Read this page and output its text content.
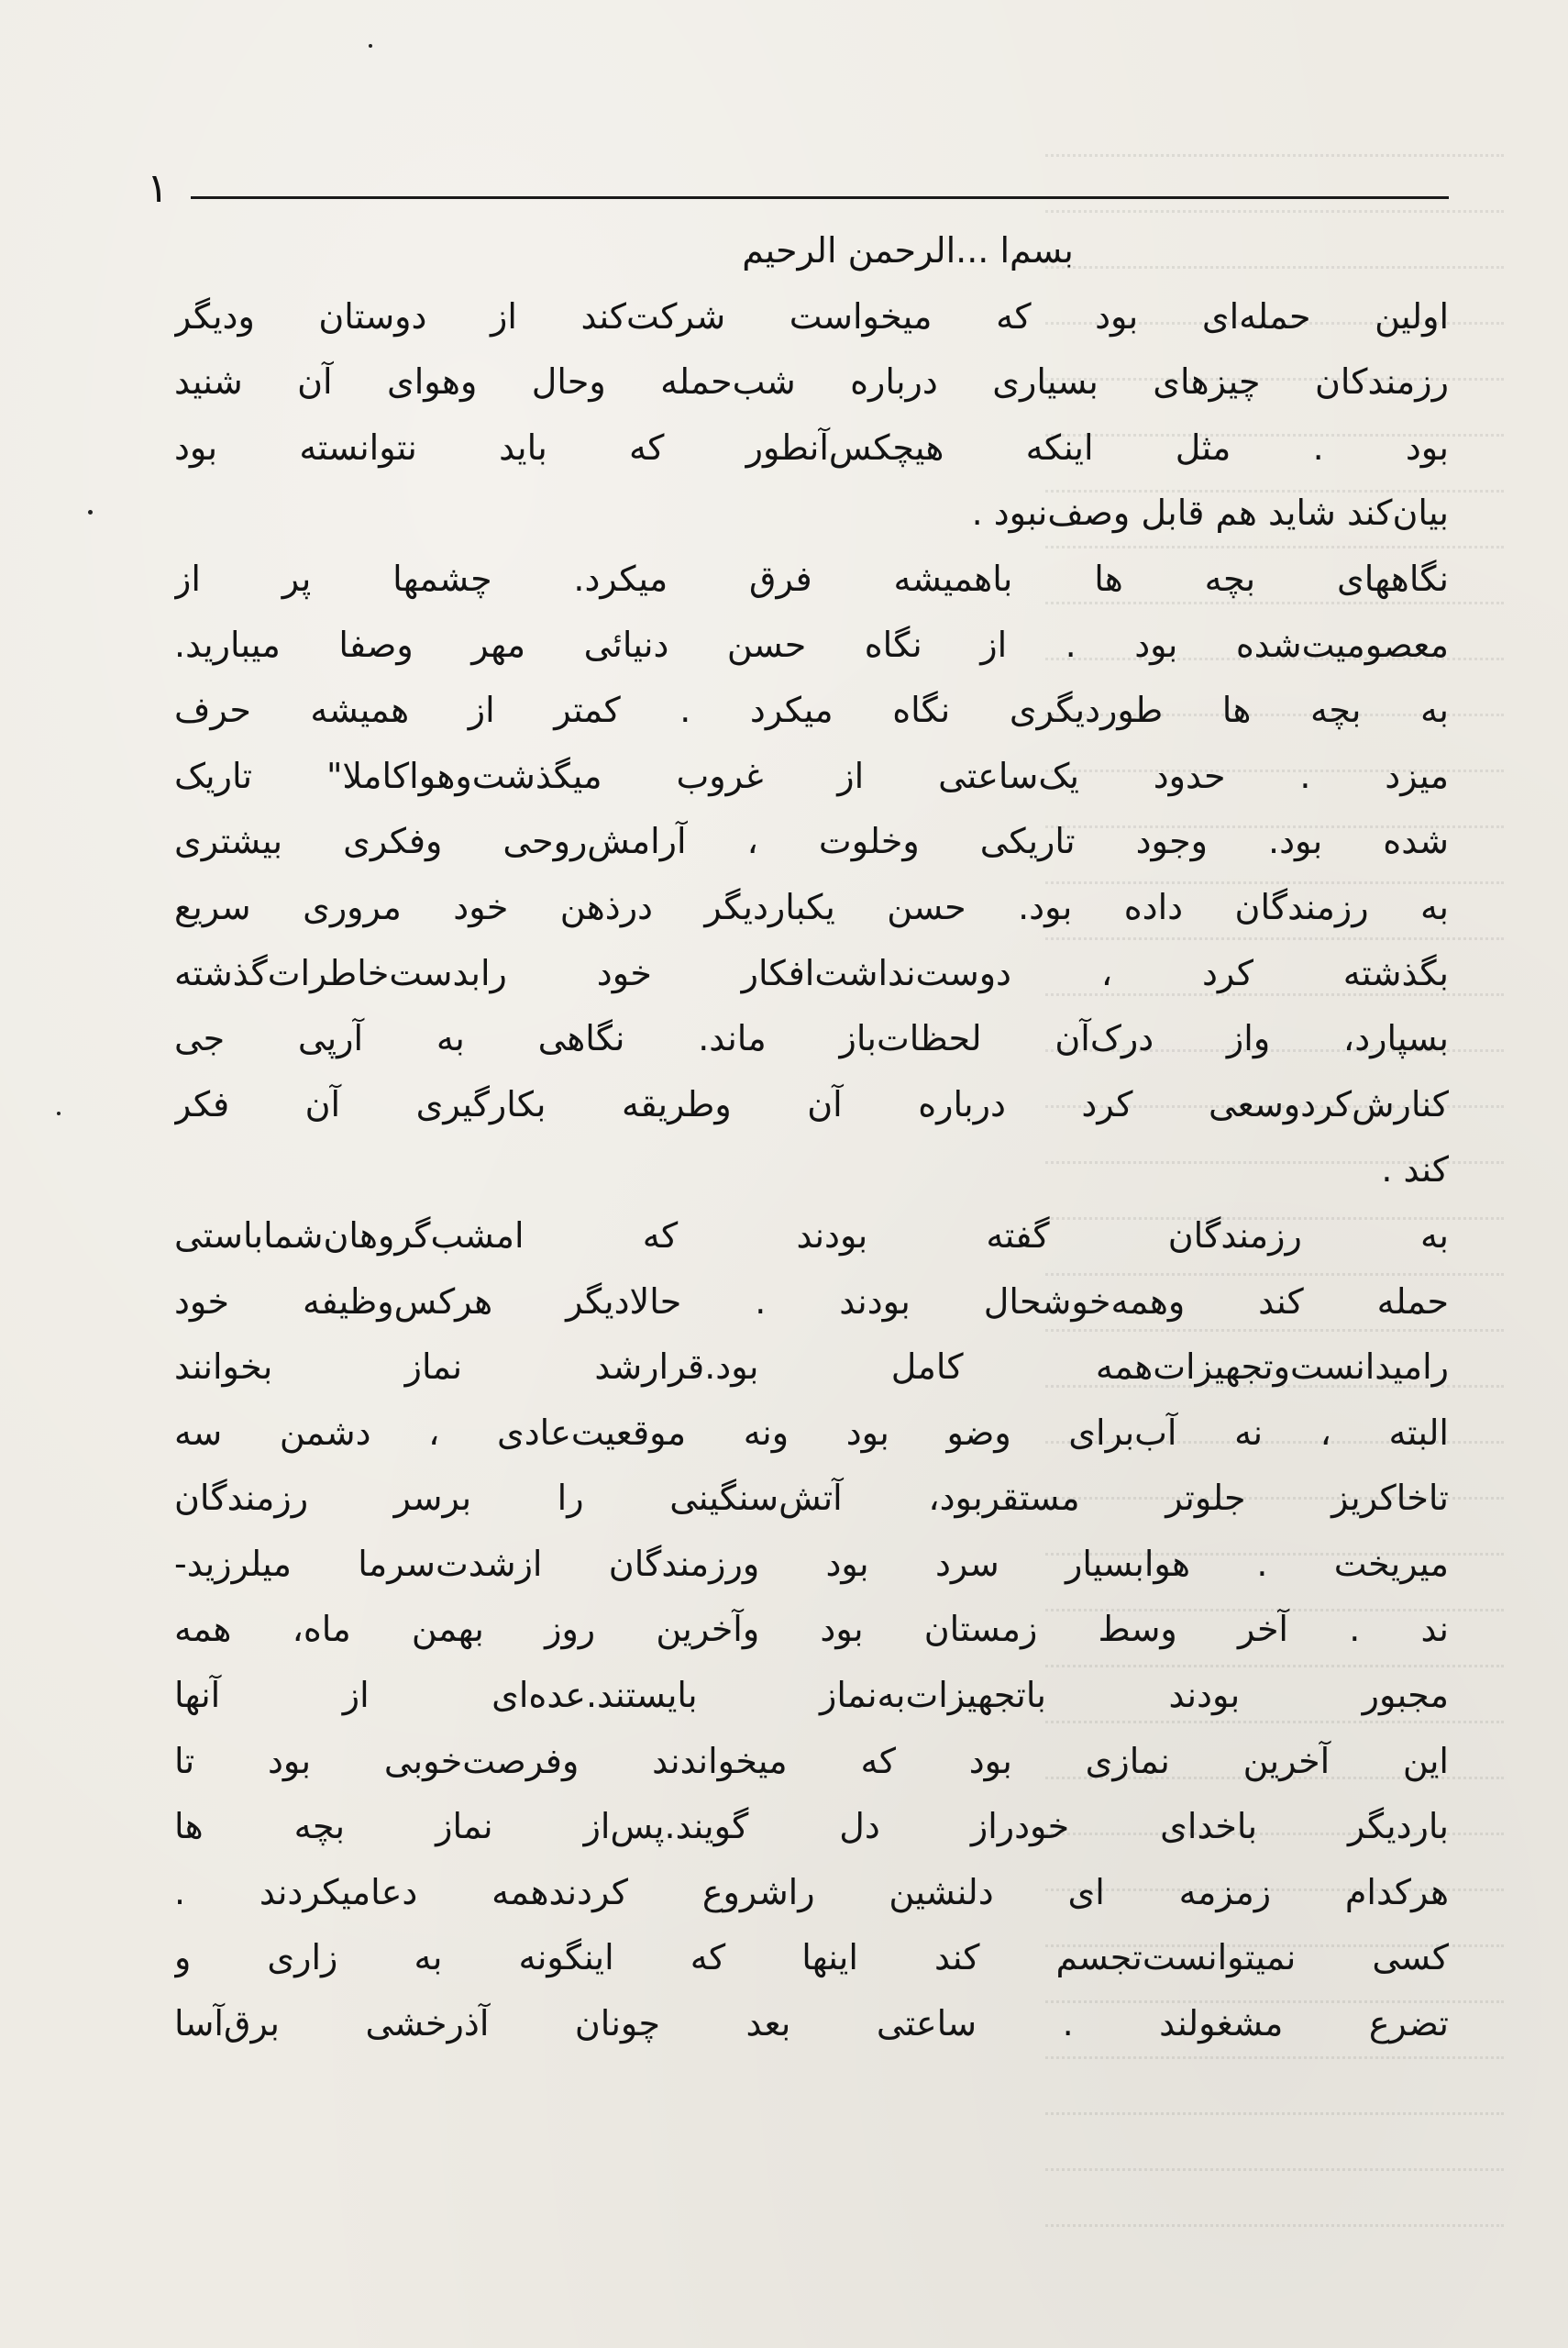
۱
بسم‌ا ...‌الرحمن الرحیم
اولین حمله‌ای بود که میخواست شرکت‌کند از دوستان ودیگر
رزمندکان چیزهای بسیاری درباره شب‌حمله وحال وهوای آن شنید
بود . مثل اینکه هیچکس‌آنطور که باید نتوانسته بود
بیان‌کند شاید هم قابل وصف‌نبود .
نگاههای بچه ها باهمیشه فرق میکرد. چشمها پر از
معصومیت‌شده بود . از نگاه حسن دنیائی مهر وصفا میبارید.
به بچه ها طوردیگری نگاه میکرد . کمتر از همیشه حرف
میزد . حدود یک‌ساعتی از غروب میگذشت‌وهواکاملا" تاریک
شده بود. وجود تاریکی وخلوت ، آرامش‌روحی وفکری بیشتری
به رزمندگان داده بود. حسن یکباردیگر درذهن خود مروری سریع
بگذشته کرد ، دوست‌نداشت‌افکار خود رابدست‌خاطرات‌گذشته
بسپارد، واز درک‌آن لحظات‌باز ماند. نگاهی به آرپی جی
کنارش‌کردوسعی کرد درباره آن وطریقه بکارگیری آن فکر
کند .
به رزمندگان گفته بودند که امشب‌گروهان‌شماباستی
حمله کند وهمه‌خوشحال بودند . حالادیگر هرکس‌وظیفه خود
رامیدانست‌وتجهیزات‌همه کامل بود.قرارشد نماز بخوانند
البته ، نه آب‌برای وضو بود ونه موقعیت‌عادی ، دشمن سه
تاخاکریز جلوتر مستقربود، آتش‌سنگینی را برسر رزمندگان
میریخت . هوابسیار سرد بود ورزمندگان ازشدت‌سرما میلرزید-
ند . آخر وسط زمستان بود وآخرین روز بهمن ماه، همه
مجبور بودند باتجهیزات‌به‌نماز بایستند.عده‌ای از آنها
این آخرین نمازی بود که میخواندند وفرصت‌خوبی بود تا
باردیگر باخدای خودراز دل گویند.پس‌از نماز بچه ها
هرکدام زمزمه ای دلنشین راشروع کردندهمه دعامیکردند .
کسی نمیتوانست‌تجسم کند اینها که اینگونه به زاری و
تضرع مشغولند . ساعتی بعد چونان آذرخشی برق‌آسا
